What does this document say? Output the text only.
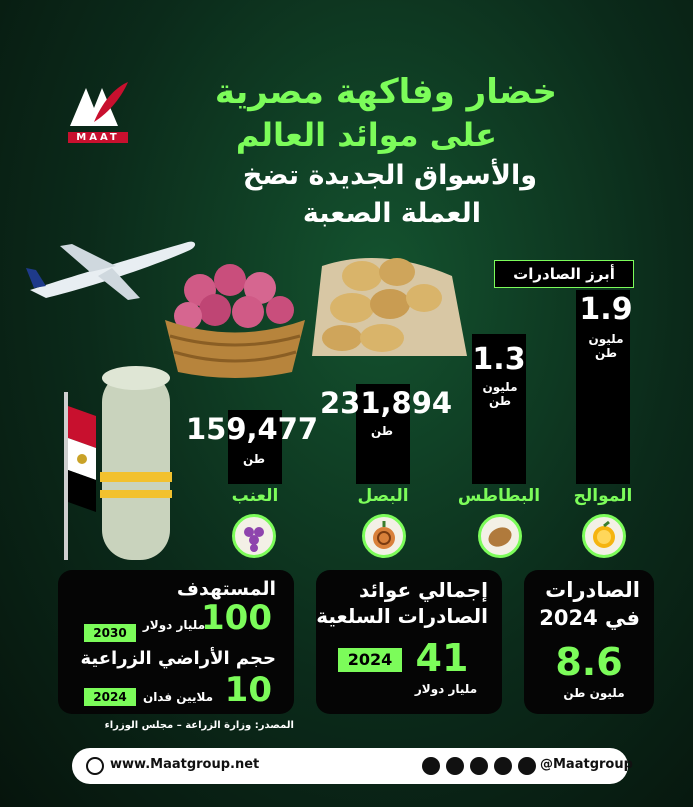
MAAT
خضار وفاكهة مصرية
على موائد العالم
والأسواق الجديدة تضخ
العملة الصعبة
أبرز الصادرات
1.9
مليون طن
1.3
مليون طن
231,894
طن
159,477
طن
الموالح
البطاطس
البصل
العنب
الصادرات
في 2024
8.6
مليون طن
إجمالي عوائد
الصادرات السلعية
41
2024
مليار دولار
المستهدف
100
مليار دولار
2030
حجم الأراضي الزراعية
10
ملايين فدان
2024
المصدر: وزارة الزراعة – مجلس الوزراء
www.Maatgroup.net	@Maatgroup
